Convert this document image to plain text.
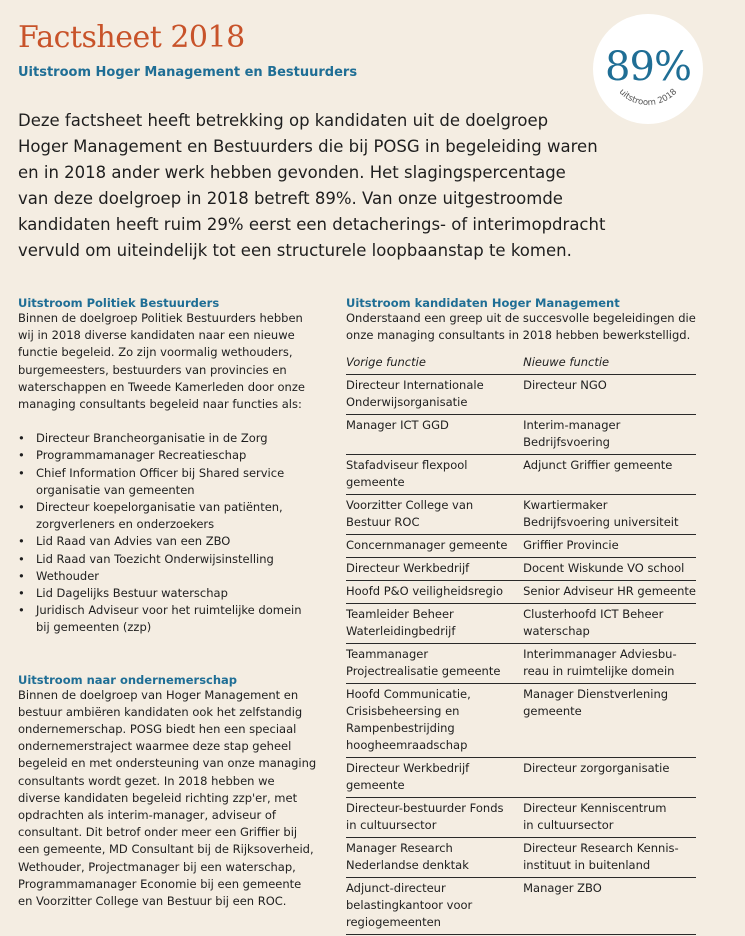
Factsheet 2018
Uitstroom Hoger Management en Bestuurders	89%
uitstroom 2018
Deze factsheet heeft betrekking op kandidaten uit de doelgroep
Hoger Management en Bestuurders die bij POSG in begeleiding waren
en in 2018 ander werk hebben gevonden. Het slagingspercentage
van deze doelgroep in 2018 betreft 89%. Van onze uitgestroomde
kandidaten heeft ruim 29% eerst een detacherings- of interimopdracht
vervuld om uiteindelijk tot een structurele loopbaanstap te komen.
Uitstroom Politiek Bestuurders
Binnen de doelgroep Politiek Bestuurders hebben
wij in 2018 diverse kandidaten naar een nieuwe
functie begeleid. Zo zijn voormalig wethouders,
burgemeesters, bestuurders van provincies en
waterschappen en Tweede Kamerleden door onze
managing consultants begeleid naar functies als:
• Directeur Brancheorganisatie in de Zorg
• Programmamanager Recreatieschap
• Chief Information Officer bij Shared service
organisatie van gemeenten
• Directeur koepelorganisatie van patiënten,
zorgverleners en onderzoekers
• Lid Raad van Advies van een ZBO
• Lid Raad van Toezicht Onderwijsinstelling
• Wethouder
• Lid Dagelijks Bestuur waterschap
• Juridisch Adviseur voor het ruimtelijke domein
bij gemeenten (zzp)
Uitstroom naar ondernemerschap
Binnen de doelgroep van Hoger Management en
bestuur ambiëren kandidaten ook het zelfstandig
ondernemerschap. POSG biedt hen een speciaal
ondernemerstraject waarmee deze stap geheel
begeleid en met ondersteuning van onze managing
consultants wordt gezet. In 2018 hebben we
diverse kandidaten begeleid richting zzp'er, met
opdrachten als interim-manager, adviseur of
consultant. Dit betrof onder meer een Griffier bij
een gemeente, MD Consultant bij de Rijksoverheid,
Wethouder, Projectmanager bij een waterschap,
Programmamanager Economie bij een gemeente
en Voorzitter College van Bestuur bij een ROC.
Uitstroom kandidaten Hoger Management
Onderstaand een greep uit de succesvolle begeleidingen die
onze managing consultants in 2018 hebben bewerkstelligd.
Vorige functie	Nieuwe functie

Directeur Internationale
Onderwijsorganisatie	Directeur NGO

Manager ICT GGD	Interim-manager
Bedrijfsvoering

Stafadviseur flexpool
gemeente	Adjunct Griffier gemeente

Voorzitter College van
Bestuur ROC	Kwartiermaker
Bedrijfsvoering universiteit

Concernmanager gemeente	Griffier Provincie

Directeur Werkbedrijf	Docent Wiskunde VO school

Hoofd P&O veiligheidsregio	Senior Adviseur HR gemeente

Teamleider Beheer
Waterleidingbedrijf	Clusterhoofd ICT Beheer
waterschap

Teammanager
Projectrealisatie gemeente	Interimmanager Adviesbu-
reau in ruimtelijke domein

Hoofd Communicatie,
Crisisbeheersing en
Rampenbestrijding
hoogheemraadschap	Manager Dienstverlening
gemeente

Directeur Werkbedrijf
gemeente	Directeur zorgorganisatie

Directeur-bestuurder Fonds
in cultuursector	Directeur Kenniscentrum
in cultuursector

Manager Research
Nederlandse denktak	Directeur Research Kennis-
instituut in buitenland

Adjunct-directeur
belastingkantoor voor
regiogemeenten	Manager ZBO
